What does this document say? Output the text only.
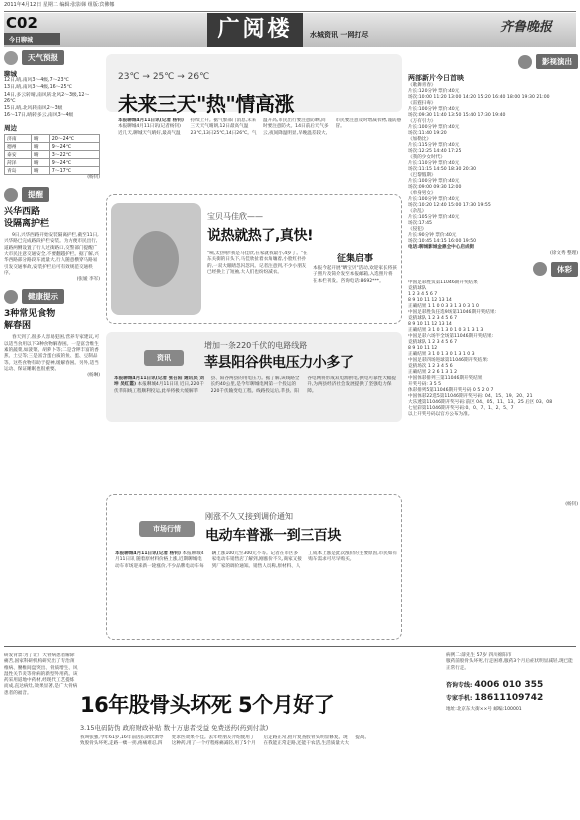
2011年4月12日 星期二 编辑:张影娣 组版:宾佛娜
C02
今日聊城	广阅楼	水城资讯 一网打尽	齐鲁晚报
天气预报
聊城

12日,晴,南风3～4级,7～23℃

13日,晴,南风3～4级,16～25℃

14日,多云转晴,南风转北风2～3级,12～26℃

15日,晴,北风转南风2～3级

16～17日,晴转多云,南风3～4级

周边
济南	晴	20～24℃
德州	晴	9～24℃
泰安	晴	3～22℃
菏泽	晴	9～24℃
青岛	晴	7～17℃
(杨钊)
提醒
兴华西路
设隔离护栏
9日,兴华西路开始安装隔离护栏,截至11日,兴华路已完成路段护栏安装。为方便市民出行,道路两侧设置了行人过街路口,交警部门提醒广大市民注意交通安全,不要翻越护栏。据了解,兴华西路部分路段车流量大,行人随意横穿马路易引发交通事故,安装护栏后可有效规范交通秩序。
(张媛 李军)
健康提示
3种常见食物
解春困
春天到了,很多人容易犯困,营养专家建议,可以适当食用以下3种食物解春困。一是富含维生素的蔬菜,如菠菜、胡萝卜等;二是含钾丰富的香蕉、土豆等;三是富含蛋白质的鱼、蛋、豆制品等。这些食物有助于提神,缓解春困。另外,适当运动、保证睡眠也很重要。
(杨琳)
23℃ → 25℃ → 26℃
未来三天"热"情高涨
本报聊城4月11日讯(记者 杨钊) 本报聊城4月11日讯(记者杨钊) 近几天,聊城天气晴好,最高气温持续上升。据气象部门消息,未来三天天气晴朗,12日最高气温23℃,13日25℃,14日26℃。气温升高,市民出行要注意防晒,同时要注意防火。14日前后天气多云,夜间降温明显,早晚温差较大,市民要注意及时增减衣物,谨防感冒。
宝贝马佳欣——
说热就热了,真快!
"咦,太热啦!我是马佳欣,在家就我最小,4岁了。"在东关街的日头下,马佳欣扯着衣角嚷着,小脸红扑扑的,一双大眼睛忽闪忽闪。记者注意到,不少小朋友已经换上了短袖,大人们也纷纷减衣。
征集启事
本报今起开展"晒宝贝"活动,欢迎家长将孩子照片及简介发至本报邮箱,入选照片将在本栏刊发。咨询电话:8692***。
资讯
增加一条220千伏的电路线路
莘县阳谷供电压力小多了
本报聊城4月11日讯(记者 张召阳 通讯员 刘坤 吴红霞) 本报聊城4月11日讯 近日,220千伏莘阳线工程顺利投运,此举将极大缓解莘县、阳谷两县的用电压力。据了解,该线路全长约40公里,是今年聊城电网第一个投运的220千伏输变电工程。线路投运后,莘县、阳谷电网将形成双电源供电,供电可靠性大幅提升,为两县经济社会发展提供了坚强电力保障。
市场行情
刚涨不久又接到调价通知
电动车普涨一到三百块
本报聊城4月11日讯(记者 杨钊) 本报聊城4月11日讯 随着原材料价格上涨,近期聊城电动车市场迎来新一轮涨价,不少品牌电动车每辆上涨100元至300元不等。记者在市区多家电动车销售店了解到,刚涨价不久,商家又接到厂家的调价通知。销售人员称,原材料、人工成本上涨是此次涨价的主要原因,市民如有购车需求可尽早购买。
影视演出
两部新片今日首映
《歌舞青春》
片长:120分钟 票价:40元
场次:10:00 11:20 13:00 14:20 15:20 16:40 18:00 19:30 21:00
《雷霆扫毒》
片长:100分钟 票价:40元
场次:09:30 11:40 13:50 15:40 17:30 19:40
《万有引力》
片长:100分钟 票价:40元
场次:11:40 19:20
《加勒比》
片长:115分钟 票价:40元
场次:12:25 14:40 17:25
《我的少女时代》
片长:110分钟 票价:40元
场次:11:15 14:50 18:30 20:30
《巴黎假期》
片长:100分钟 票价:40元
场次:09:00 09:30 12:00
《单身男女》
片长:100分钟 票价:40元
场次:10:20 12:40 15:00 17:30 19:55
《杂乱》
片长:105分钟 票价:40元
场次:17:45
《侵犯》
片长:90分钟 票价:40元
场次:10:45 14:15 16:00 19:50
电话:聊城影城金鼎全中心启成街
(徐文秀 整理)
体彩
中国足彩胜负第11046期开奖结果
竞猜球队
1 2 3 4 5 6 7
8 9 10 11 12 13 14
正确结果 1 1 0 0 3 3 1 3 0 3 1 0
中国足彩胜负任选9场第11046期开奖结果:
竞猜球队 1 2 3 4 5 6 7
8 9 10 11 12 13 14
正确结果 3 1 0 1 3 0 1 0 3 1 3 1 3
中国足彩六场半全场第11046期开奖结果:
竞猜球队 1 2 3 4 5 6 7
8 9 10 11 12
正确结果 3 1 0 1 3 0 1 3 1 0 3
中国足彩四场进球第11046期开奖结果:
竞猜场次 1 2 3 4 5 6
正确结果 2 2 6 1 3 1 2
中国体彩排列三第11046期开奖结果
开奖号码: 3 5 5
体彩排列5第11046期开奖号码 0 5 2 0 7
中国体彩22选5第11046期开奖号码: 04、15、19、20、21
大乐透第11046期开奖号码:前区 04、05、11、13、25 后区 03、08
七星彩第11046期开奖号码:0、0、7、1、2、5、7
以上开奖号码以官方公布为准。
(杨钊)
研发背景:为了让广大骨病患者解除痛苦,国家科研机构研究出了专治颈椎病、腰椎间盘突出、骨质增生、风湿性关节炎等骨病的新型外用药。该药采用道地中药材,经现代工艺提炼而成,直达病灶,效果显著,是广大骨病患者的福音。	16年股骨头坏死 5个月好了
3.15电码防伪 政府财政补贴 数十万患者受益 免费送药(药到付款)
我叫张强,今年61岁,16年前因长期饮酒导致股骨头坏死,走路一瘸一拐,疼痛难忍,四处求医效果不佳。去年经朋友介绍使用了这种药,用了一个疗程疼痛减轻,用了5个月后走路正常,拍片复查股骨头明显修复。现在我能正常走路,还能干农活,生活质量大大提高。
病例二:薛先生 57岁 四川绵阳市
服药前股骨头坏死,行走困难,服药3个月后症状明显减轻,现已能正常行走。
咨询专线: 4006 010 355
专家手机: 18611109742
地址:北京东大街××号 邮编:100001
